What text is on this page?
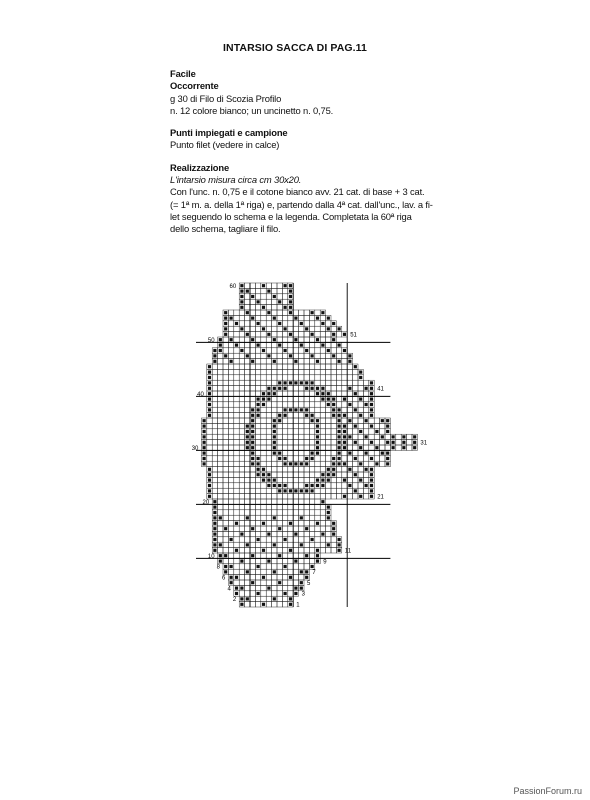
INTARSIO SACCA DI PAG.11

Facile

Occorrente

g 30 di Filo di Scozia Profilo

n. 12 colore bianco; un uncinetto n. 0,75.

Punti impiegati e campione

Punto filet (vedere in calce)

Realizzazione

L'intarsio misura circa cm 30x20.

Con l'unc. n. 0,75 e il cotone bianco avv. 21 cat. di base + 3 cat.

(= 1ª m. a. della 1ª riga) e, partendo dalla 4ª cat. dall'unc., lav. a fi-

let seguendo lo schema e la legenda. Completata la 60ª riga

dello schema, tagliare il filo.

60
50
40
30
20
10
8
6
4
2
51
41
31
21
11
9
7
5
3
1
PassionForum.ru
